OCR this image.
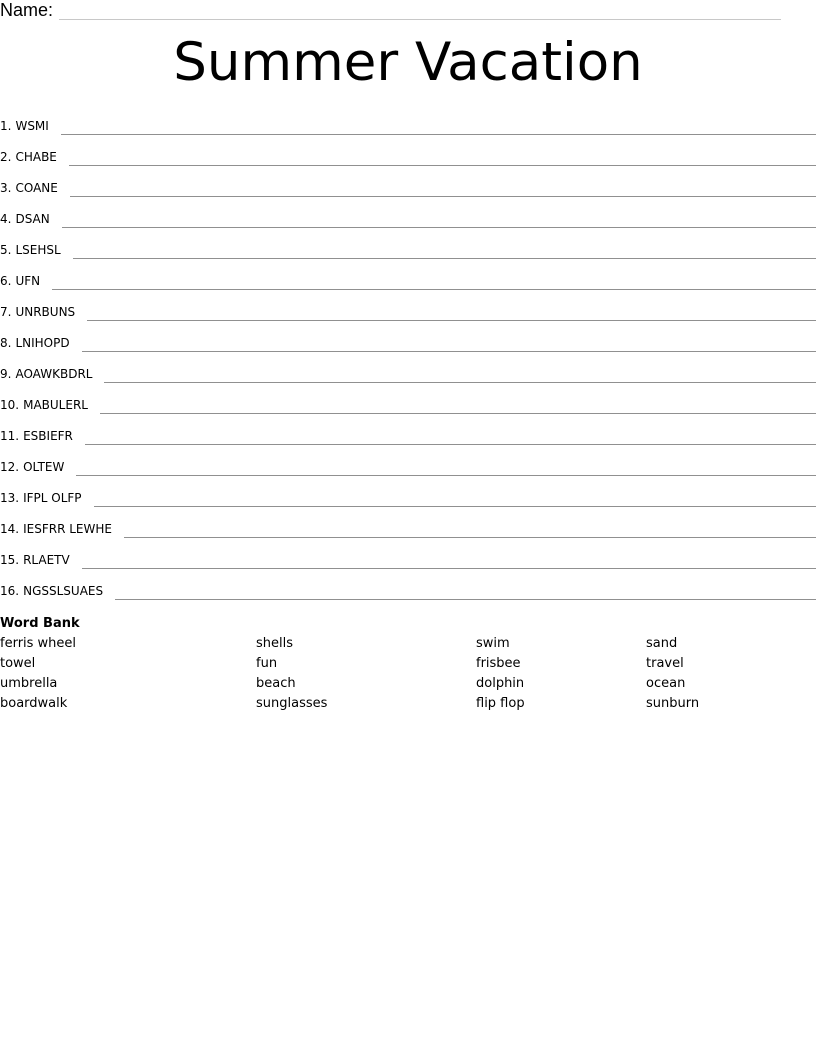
Name:
Summer Vacation
1. WSMI
2. CHABE
3. COANE
4. DSAN
5. LSEHSL
6. UFN
7. UNRBUNS
8. LNIHOPD
9. AOAWKBDRL
10. MABULERL
11. ESBIEFR
12. OLTEW
13. IFPL OLFP
14. IESFRR LEWHE
15. RLAETV
16. NGSSLSUAES
Word Bank
ferris wheel
towel
umbrella
boardwalk
shells
fun
beach
sunglasses
swim
frisbee
dolphin
flip flop
sand
travel
ocean
sunburn
